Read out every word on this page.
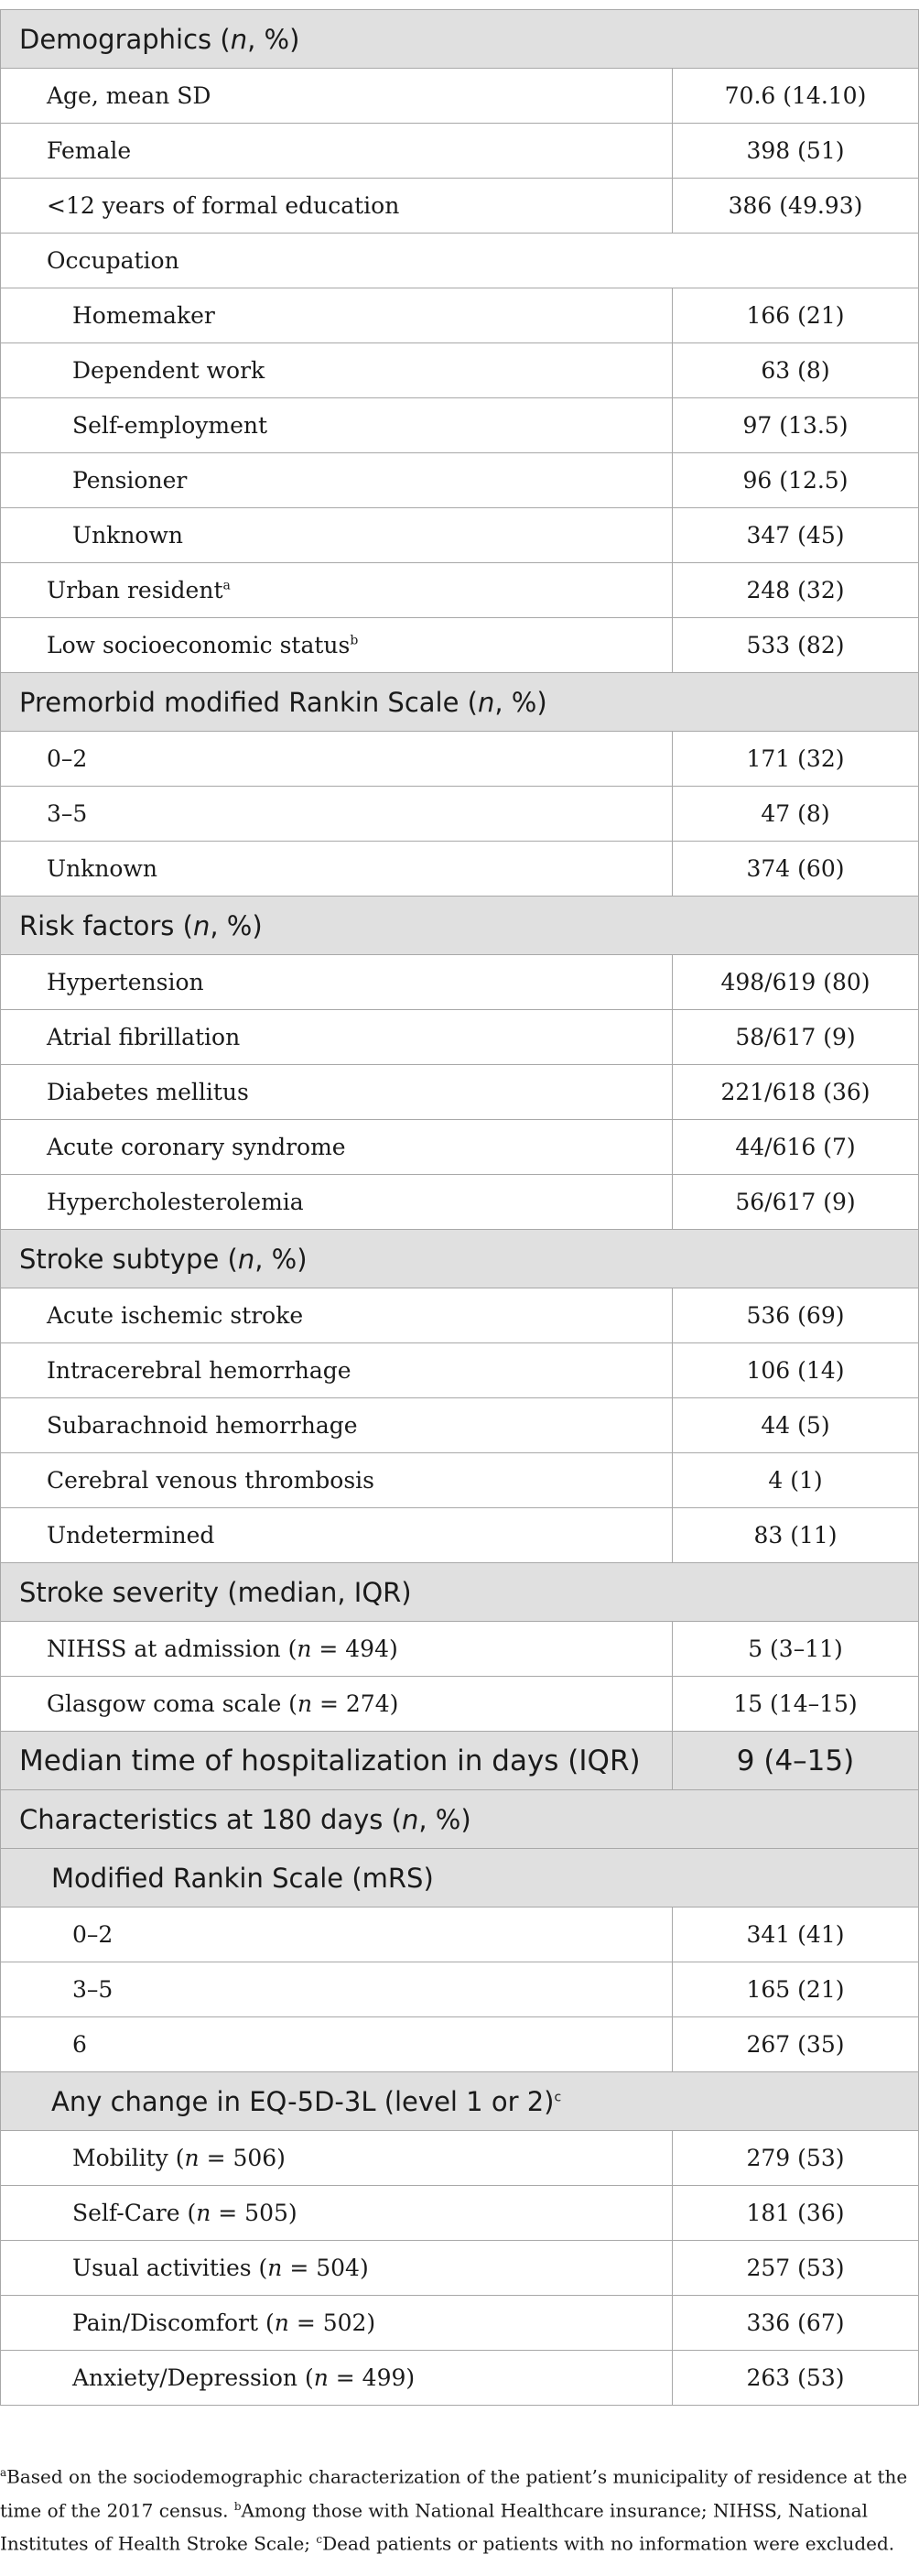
Demographics (n, %)	
Age, mean SD	70.6 (14.10)
Female	398 (51)
<12 years of formal education	386 (49.93)
Occupation	
Homemaker	166 (21)
Dependent work	63 (8)
Self-employment	97 (13.5)
Pensioner	96 (12.5)
Unknown	347 (45)
Urban resident$^a$	248 (32)
Low socioeconomic status$^b$	533 (82)
Premorbid modified Rankin Scale (n, %)	
0–2	171 (32)
3–5	47 (8)
Unknown	374 (60)
Risk factors (n, %)	
Hypertension	498/619 (80)
Atrial fibrillation	58/617 (9)
Diabetes mellitus	221/618 (36)
Acute coronary syndrome	44/616 (7)
Hypercholesterolemia	56/617 (9)
Stroke subtype (n, %)	
Acute ischemic stroke	536 (69)
Intracerebral hemorrhage	106 (14)
Subarachnoid hemorrhage	44 (5)
Cerebral venous thrombosis	4 (1)
Undetermined	83 (11)
Stroke severity (median, IQR)	
NIHSS at admission (n = 494)	5 (3–11)
Glasgow coma scale (n = 274)	15 (14–15)
Median time of hospitalization in days (IQR)	9 (4–15)
Characteristics at 180 days (n, %)	
Modified Rankin Scale (mRS)	
0–2	341 (41)
3–5	165 (21)
6	267 (35)
Any change in EQ-5D-3L (level 1 or 2)$^c$
Mobility (n = 506)	279 (53)
Self-Care (n = 505)	181 (36)
Usual activities (n = 504)	257 (53)
Pain/Discomfort (n = 502)	336 (67)
Anxiety/Depression (n = 499)	263 (53)
$^a$Based on the sociodemographic characterization of the patient’s municipality of residence at the time of the 2017 census. $^b$Among those with National Healthcare insurance; NIHSS, National Institutes of Health Stroke Scale; $^c$Dead patients or patients with no information were excluded.
